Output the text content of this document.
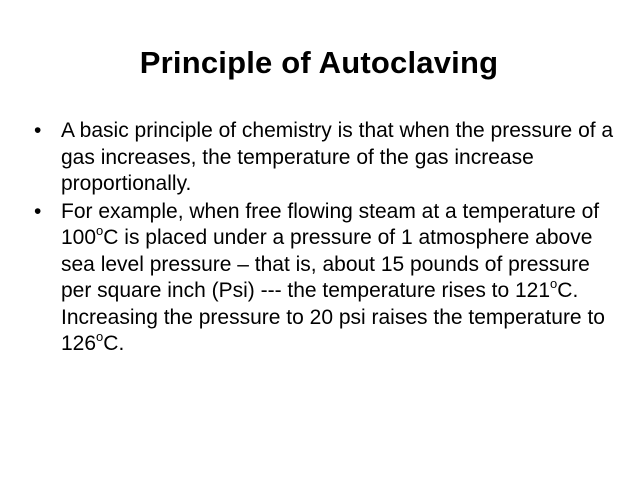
Principle of Autoclaving
• A basic principle of chemistry is that when the pressure of a gas increases, the temperature of the gas increase proportionally.
• For example, when free flowing steam at a temperature of 100$^o$C is placed under a pressure of 1 atmosphere above sea level pressure – that is, about 15 pounds of pressure per square inch (Psi) --- the temperature rises to 121$^o$C. Increasing the pressure to 20 psi raises the temperature to 126$^o$C.
